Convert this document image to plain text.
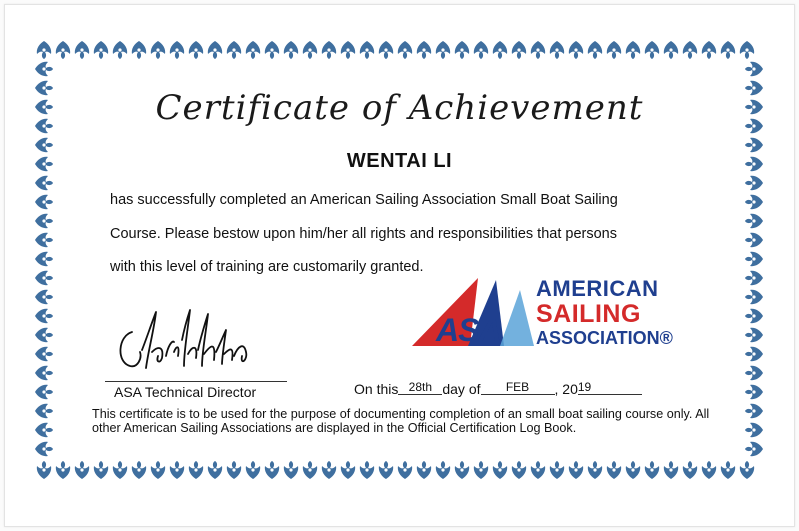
Certificate of Achievement
WENTAI LI
has successfully completed an American Sailing Association Small Boat Sailing
Course. Please bestow upon him/her all rights and responsibilities that persons
with this level of training are customarily granted.
ASA Technical Director
ASA
AMERICAN
SAILING
ASSOCIATION®
On this 28th day of FEB , 2019
This certificate is to be used for the purpose of documenting completion of an small boat sailing course only. All other American Sailing Associations are displayed in the Official Certification Log Book.
